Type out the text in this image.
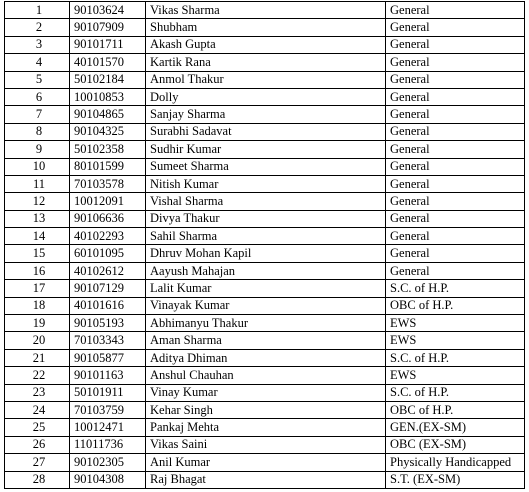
1	90103624	Vikas Sharma	General
2	90107909	Shubham	General
3	90101711	Akash Gupta	General
4	40101570	Kartik Rana	General
5	50102184	Anmol Thakur	General
6	10010853	Dolly	General
7	90104865	Sanjay Sharma	General
8	90104325	Surabhi Sadavat	General
9	50102358	Sudhir Kumar	General
10	80101599	Sumeet Sharma	General
11	70103578	Nitish Kumar	General
12	10012091	Vishal Sharma	General
13	90106636	Divya Thakur	General
14	40102293	Sahil Sharma	General
15	60101095	Dhruv Mohan Kapil	General
16	40102612	Aayush Mahajan	General
17	90107129	Lalit Kumar	S.C. of H.P.
18	40101616	Vinayak Kumar	OBC of H.P.
19	90105193	Abhimanyu Thakur	EWS
20	70103343	Aman Sharma	EWS
21	90105877	Aditya Dhiman	S.C. of H.P.
22	90101163	Anshul Chauhan	EWS
23	50101911	Vinay Kumar	S.C. of H.P.
24	70103759	Kehar Singh	OBC of H.P.
25	10012471	Pankaj Mehta	GEN.(EX-SM)
26	11011736	Vikas Saini	OBC (EX-SM)
27	90102305	Anil Kumar	Physically Handicapped
28	90104308	Raj Bhagat	S.T. (EX-SM)
